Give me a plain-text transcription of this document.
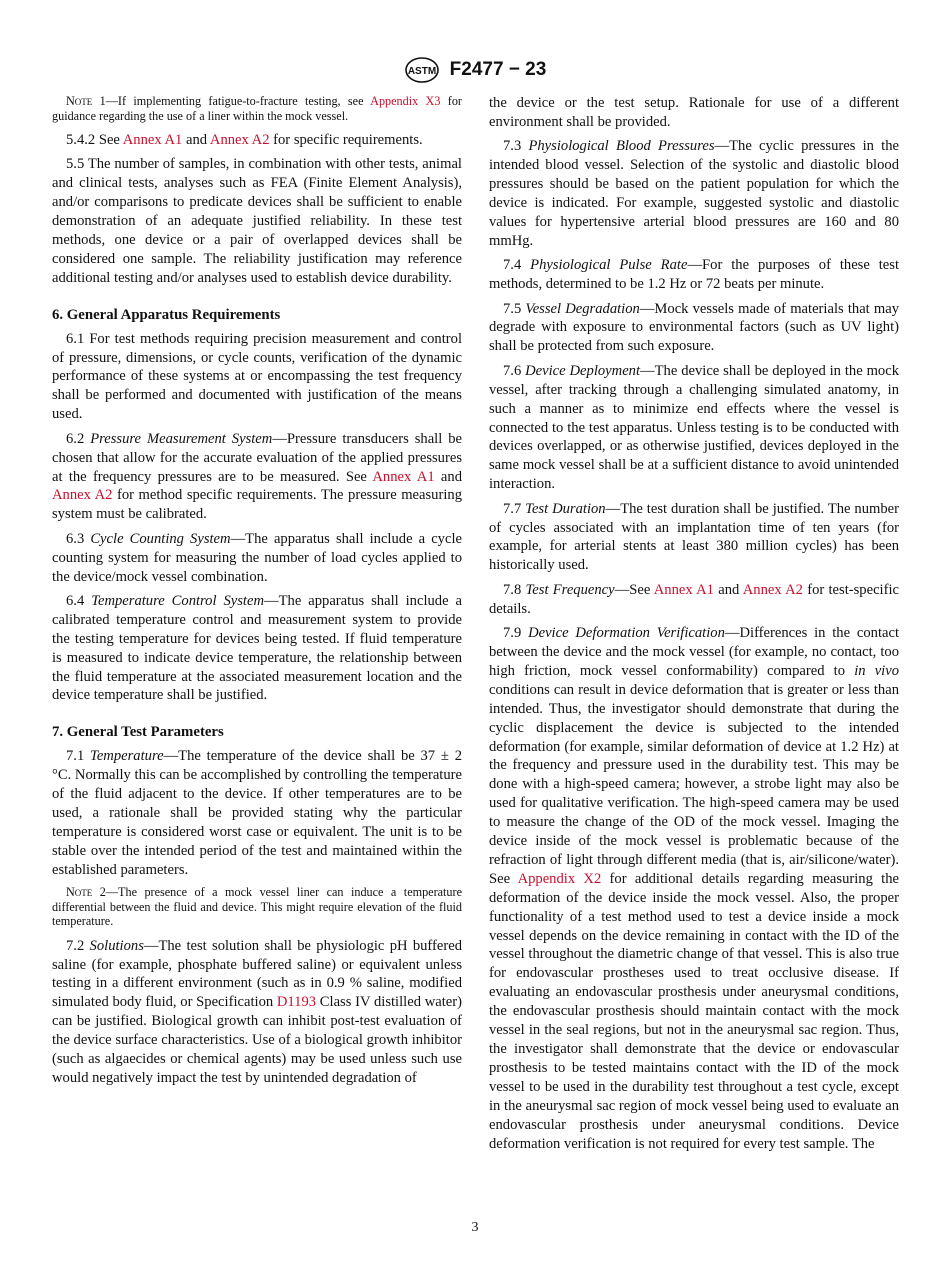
ASTM F2477 − 23

Note 1—If implementing fatigue-to-fracture testing, see Appendix X3 for guidance regarding the use of a liner within the mock vessel.

5.4.2 See Annex A1 and Annex A2 for specific requirements.

5.5 The number of samples, in combination with other tests, animal and clinical tests, analyses such as FEA (Finite Element Analysis), and/or comparisons to predicate devices shall be sufficient to enable demonstration of an adequate justified reliability. In these test methods, one device or a pair of overlapped devices shall be considered one sample. The reliability justification may reference additional testing and/or analyses used to establish device durability.

6. General Apparatus Requirements

6.1 For test methods requiring precision measurement and control of pressure, dimensions, or cycle counts, verification of the dynamic performance of these systems at or encompassing the test frequency shall be performed and documented with justification of the means used.

6.2 Pressure Measurement System—Pressure transducers shall be chosen that allow for the accurate evaluation of the applied pressures at the frequency pressures are to be measured. See Annex A1 and Annex A2 for method specific requirements. The pressure measuring system must be calibrated.

6.3 Cycle Counting System—The apparatus shall include a cycle counting system for measuring the number of load cycles applied to the device/mock vessel combination.

6.4 Temperature Control System—The apparatus shall include a calibrated temperature control and measurement system to provide the testing temperature for devices being tested. If fluid temperature is measured to indicate device temperature, the relationship between the fluid temperature at the associated measurement location and the device temperature shall be justified.

7. General Test Parameters

7.1 Temperature—The temperature of the device shall be 37 ± 2 °C. Normally this can be accomplished by controlling the temperature of the fluid adjacent to the device. If other temperatures are to be used, a rationale shall be provided stating why the particular temperature is considered worst case or equivalent. The unit is to be stable over the intended period of the test and maintained within the established parameters.

Note 2—The presence of a mock vessel liner can induce a temperature differential between the fluid and device. This might require elevation of the fluid temperature.

7.2 Solutions—The test solution shall be physiologic pH buffered saline (for example, phosphate buffered saline) or equivalent unless testing in a different environment (such as in 0.9 % saline, modified simulated body fluid, or Specification D1193 Class IV distilled water) can be justified. Biological growth can inhibit post-test evaluation of the device surface characteristics. Use of a biological growth inhibitor (such as algaecides or chemical agents) may be used unless such use would negatively impact the test by unintended degradation of

the device or the test setup. Rationale for use of a different environment shall be provided.

7.3 Physiological Blood Pressures—The cyclic pressures in the intended blood vessel. Selection of the systolic and diastolic blood pressures should be based on the patient population for which the device is indicated. For example, suggested systolic and diastolic values for hypertensive arterial blood pressures are 160 and 80 mmHg.

7.4 Physiological Pulse Rate—For the purposes of these test methods, determined to be 1.2 Hz or 72 beats per minute.

7.5 Vessel Degradation—Mock vessels made of materials that may degrade with exposure to environmental factors (such as UV light) shall be protected from such exposure.

7.6 Device Deployment—The device shall be deployed in the mock vessel, after tracking through a challenging simulated anatomy, in such a manner as to minimize end effects where the vessel is connected to the test apparatus. Unless testing is to be conducted with devices overlapped, or as otherwise justified, devices deployed in the same mock vessel shall be at a sufficient distance to avoid unintended interaction.

7.7 Test Duration—The test duration shall be justified. The number of cycles associated with an implantation time of ten years (for example, for arterial stents at least 380 million cycles) has been historically used.

7.8 Test Frequency—See Annex A1 and Annex A2 for test-specific details.

7.9 Device Deformation Verification—Differences in the contact between the device and the mock vessel (for example, no contact, too high friction, mock vessel conformability) compared to in vivo conditions can result in device deformation that is greater or less than intended. Thus, the investigator should demonstrate that during the cyclic displacement the device is subjected to the intended deformation (for example, similar deformation of device at 1.2 Hz) at the frequency and pressure used in the durability test. This may be done with a high-speed camera; however, a strobe light may also be used for qualitative verification. The high-speed camera may be used to measure the change of the OD of the mock vessel. Imaging the device inside of the mock vessel is problematic because of the refraction of light through different media (that is, air/silicone/water). See Appendix X2 for additional details regarding measuring the deformation of the device inside the mock vessel. Also, the proper functionality of a test method used to test a device inside a mock vessel depends on the device remaining in contact with the ID of the vessel throughout the diametric change of that vessel. This is also true for endovascular prostheses used to treat occlusive disease. If evaluating an endovascular prosthesis under aneurysmal conditions, the endovascular prosthesis should maintain contact with the mock vessel in the seal regions, but not in the aneurysmal sac region. Thus, the investigator shall demonstrate that the device or endovascular prosthesis to be tested maintains contact with the ID of the mock vessel to be used in the durability test throughout a test cycle, except in the aneurysmal sac region of mock vessel being used to evaluate an endovascular prosthesis under aneurysmal conditions. Device deformation verification is not required for every test sample. The

3
